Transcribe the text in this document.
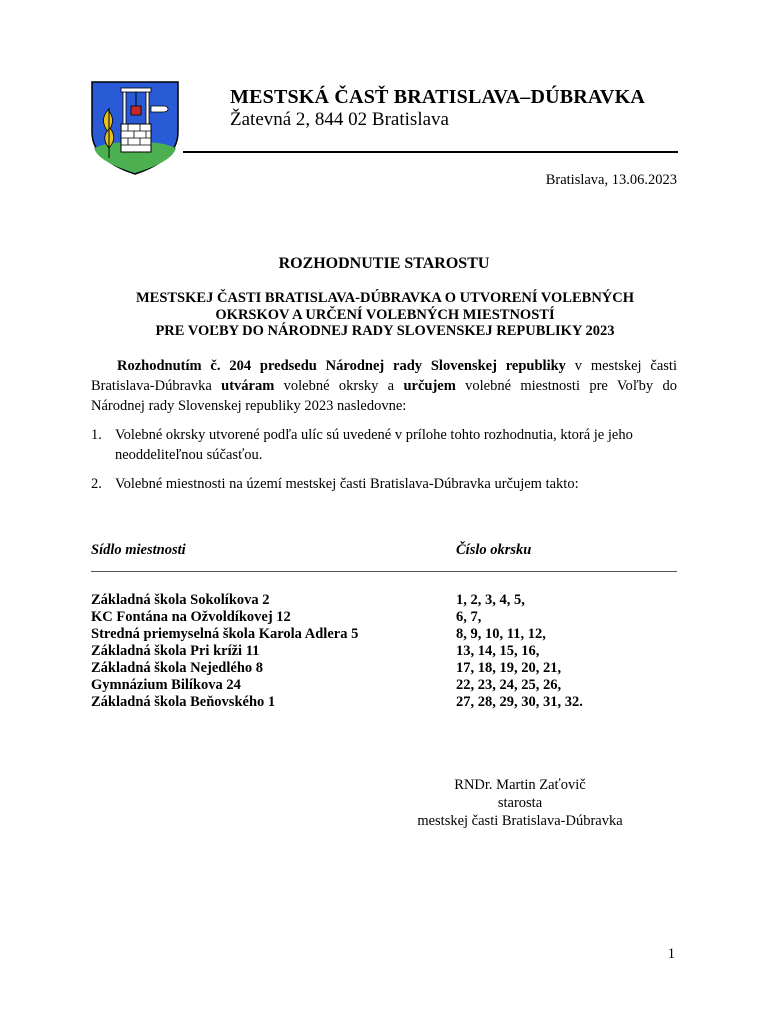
MESTSKÁ ČASŤ BRATISLAVA–DÚBRAVKA
Žatevná 2, 844 02 Bratislava
Bratislava, 13.06.2023
ROZHODNUTIE STAROSTU
MESTSKEJ ČASTI BRATISLAVA-DÚBRAVKA O UTVORENÍ VOLEBNÝCH
OKRSKOV A URČENÍ VOLEBNÝCH MIESTNOSTÍ
PRE VOĽBY DO NÁRODNEJ RADY SLOVENSKEJ REPUBLIKY 2023
Rozhodnutím č. 204 predsedu Národnej rady Slovenskej republiky v mestskej časti Bratislava-Dúbravka utváram volebné okrsky a určujem volebné miestnosti pre Voľby do Národnej rady Slovenskej republiky 2023 nasledovne:
1. Volebné okrsky utvorené podľa ulíc sú uvedené v prílohe tohto rozhodnutia, ktorá je jeho neoddeliteľnou súčasťou.
2. Volebné miestnosti na území mestskej časti Bratislava-Dúbravka určujem takto:
Sídlo miestnosti	Číslo okrsku
Základná škola Sokolíkova 2	1, 2, 3, 4, 5,
KC Fontána na Ožvoldíkovej 12	6, 7,
Stredná priemyselná škola Karola Adlera 5	8, 9, 10, 11, 12,
Základná škola Pri kríži 11	13, 14, 15, 16,
Základná škola Nejedlého 8	17, 18, 19, 20, 21,
Gymnázium Bilíkova 24	22, 23, 24, 25, 26,
Základná škola Beňovského 1	27, 28, 29, 30, 31, 32.
RNDr. Martin Zaťovič
starosta
mestskej časti Bratislava-Dúbravka
1
